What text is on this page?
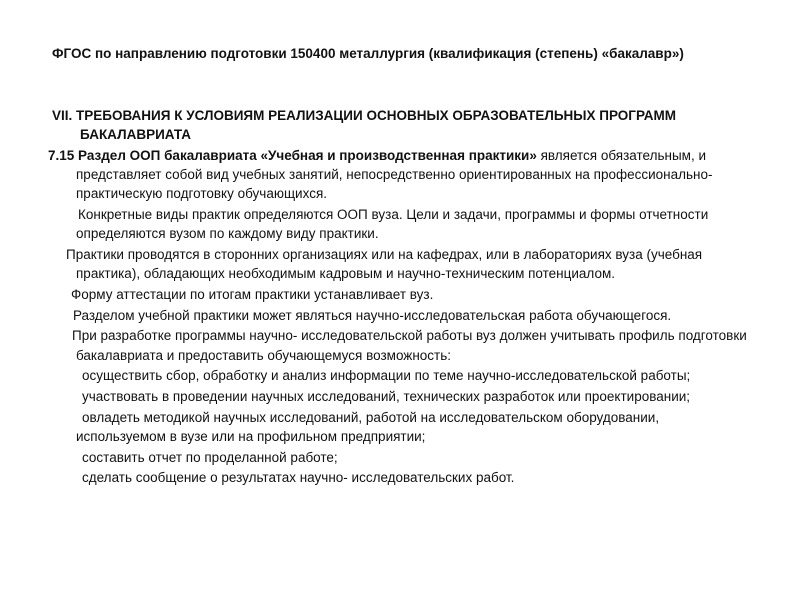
ФГОС по направлению подготовки 150400 металлургия (квалификация (степень) «бакалавр»)

VII. ТРЕБОВАНИЯ К УСЛОВИЯМ РЕАЛИЗАЦИИ ОСНОВНЫХ ОБРАЗОВАТЕЛЬНЫХ ПРОГРАММ БАКАЛАВРИАТА

7.15 Раздел ООП бакалавриата «Учебная и производственная практики» является обязательным, и представляет собой вид учебных занятий, непосредственно ориентированных на профессионально-практическую подготовку обучающихся.

Конкретные виды практик определяются ООП вуза. Цели и задачи, программы и формы отчетности определяются вузом по каждому виду практики.

Практики проводятся в сторонних организациях или на кафедрах, или в лабораториях вуза (учебная практика), обладающих необходимым кадровым и научно-техническим потенциалом.

Форму аттестации по итогам практики устанавливает вуз.

Разделом учебной практики может являться научно-исследовательская работа обучающегося.

При разработке программы научно- исследовательской работы вуз должен учитывать профиль подготовки бакалавриата и предоставить обучающемуся возможность:

осуществить сбор, обработку и анализ информации по теме научно-исследовательской работы;

участвовать в проведении научных исследований, технических разработок или проектировании;

овладеть методикой научных исследований, работой на исследовательском оборудовании, используемом в вузе или на профильном предприятии;

составить отчет по проделанной работе;

сделать сообщение о результатах научно- исследовательских работ.
